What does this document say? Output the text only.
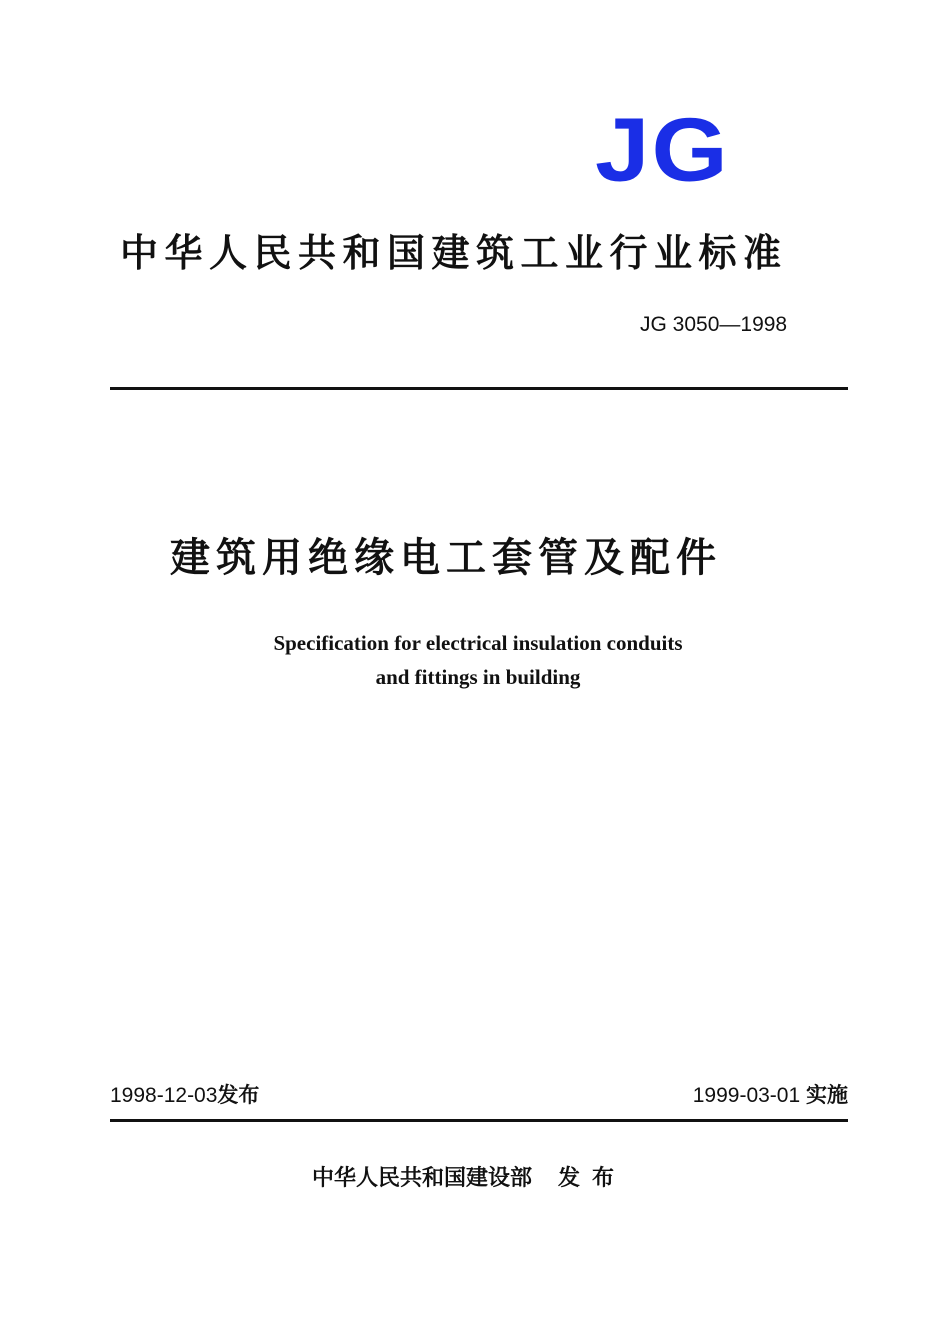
JG
中华人民共和国建筑工业行业标准
JG 3050—1998
建筑用绝缘电工套管及配件
Specification for electrical insulation conduits
and fittings in building
1998-12-03发布	1999-03-01 实施
中华人民共和国建设部 发布
